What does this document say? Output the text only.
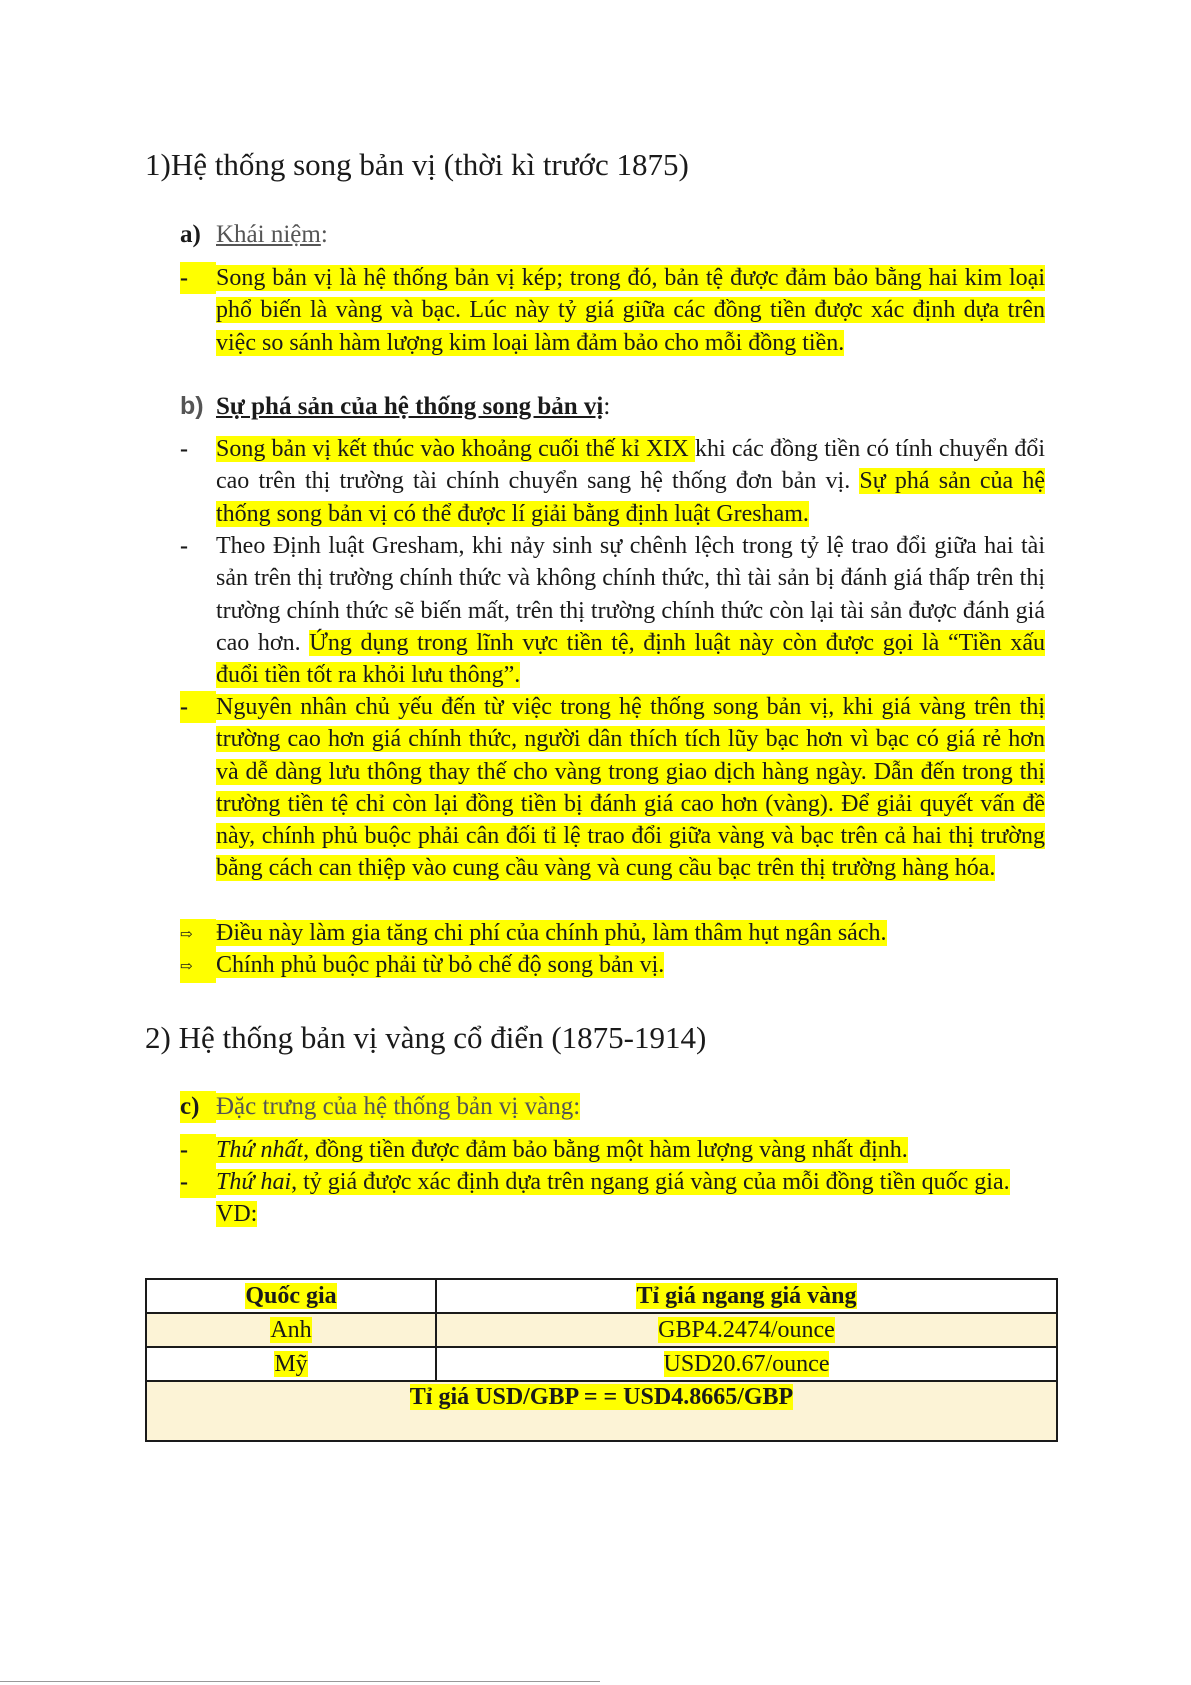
1)Hệ thống song bản vị (thời kì trước 1875)
a) Khái niệm:
-	Song bản vị là hệ thống bản vị kép; trong đó, bản tệ được đảm bảo bằng hai kim loại phổ biến là vàng và bạc. Lúc này tỷ giá giữa các đồng tiền được xác định dựa trên việc so sánh hàm lượng kim loại làm đảm bảo cho mỗi đồng tiền.
b) Sự phá sản của hệ thống song bản vị:
-	Song bản vị kết thúc vào khoảng cuối thế kỉ XIX khi các đồng tiền có tính chuyển đổi cao trên thị trường tài chính chuyển sang hệ thống đơn bản vị. Sự phá sản của hệ thống song bản vị có thể được lí giải bằng định luật Gresham.
-	Theo Định luật Gresham, khi nảy sinh sự chênh lệch trong tỷ lệ trao đổi giữa hai tài sản trên thị trường chính thức và không chính thức, thì tài sản bị đánh giá thấp trên thị trường chính thức sẽ biến mất, trên thị trường chính thức còn lại tài sản được đánh giá cao hơn. Ứng dụng trong lĩnh vực tiền tệ, định luật này còn được gọi là “Tiền xấu đuổi tiền tốt ra khỏi lưu thông”.
-	Nguyên nhân chủ yếu đến từ việc trong hệ thống song bản vị, khi giá vàng trên thị trường cao hơn giá chính thức, người dân thích tích lũy bạc hơn vì bạc có giá rẻ hơn và dễ dàng lưu thông thay thế cho vàng trong giao dịch hàng ngày. Dẫn đến trong thị trường tiền tệ chỉ còn lại đồng tiền bị đánh giá cao hơn (vàng). Để giải quyết vấn đề này, chính phủ buộc phải cân đối tỉ lệ trao đổi giữa vàng và bạc trên cả hai thị trường bằng cách can thiệp vào cung cầu vàng và cung cầu bạc trên thị trường hàng hóa.
⇨ Điều này làm gia tăng chi phí của chính phủ, làm thâm hụt ngân sách.
⇨ Chính phủ buộc phải từ bỏ chế độ song bản vị.
2) Hệ thống bản vị vàng cổ điển (1875-1914)
c) Đặc trưng của hệ thống bản vị vàng:
-	Thứ nhất, đồng tiền được đảm bảo bằng một hàm lượng vàng nhất định.
-	Thứ hai, tỷ giá được xác định dựa trên ngang giá vàng của mỗi đồng tiền quốc gia.
VD:
Quốc gia	Tỉ giá ngang giá vàng
Anh	GBP4.2474/ounce
Mỹ	USD20.67/ounce
Tỉ giá USD/GBP = = USD4.8665/GBP	
